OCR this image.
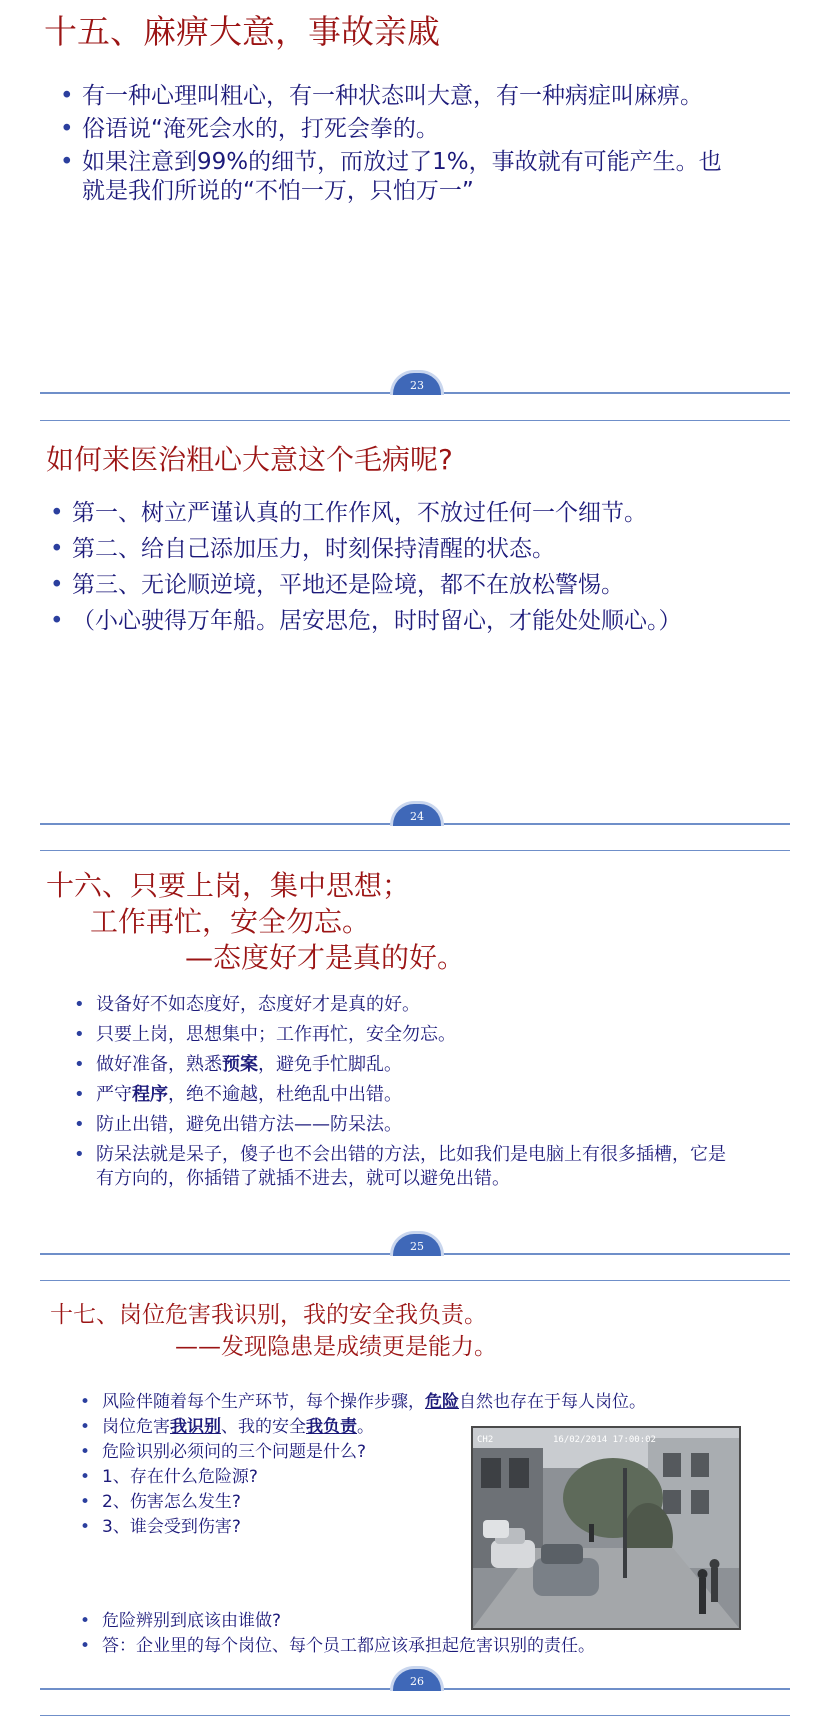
十五、麻痹大意，事故亲戚
• 有一种心理叫粗心，有一种状态叫大意，有一种病症叫麻痹。
• 俗语说“淹死会水的，打死会拳的。
• 如果注意到99%的细节，而放过了1%，事故就有可能产生。也就是我们所说的“不怕一万，只怕万一”
23
如何来医治粗心大意这个毛病呢?
• 第一、树立严谨认真的工作作风，不放过任何一个细节。
• 第二、给自己添加压力，时刻保持清醒的状态。
• 第三、无论顺逆境，平地还是险境，都不在放松警惕。
• （小心驶得万年船。居安思危，时时留心，才能处处顺心。）
24
十六、只要上岗，集中思想；
工作再忙，安全勿忘。
—态度好才是真的好。
• 设备好不如态度好，态度好才是真的好。
• 只要上岗，思想集中；工作再忙，安全勿忘。
• 做好准备，熟悉预案，避免手忙脚乱。
• 严守程序，绝不逾越，杜绝乱中出错。
• 防止出错，避免出错方法——防呆法。
• 防呆法就是呆子，傻子也不会出错的方法，比如我们是电脑上有很多插槽，它是有方向的，你插错了就插不进去，就可以避免出错。
25
十七、岗位危害我识别，我的安全我负责。
——发现隐患是成绩更是能力。
• 风险伴随着每个生产环节，每个操作步骤，危险自然也存在于每人岗位。
• 岗位危害我识别、我的安全我负责。
• 危险识别必须问的三个问题是什么?
• 1、存在什么危险源?
• 2、伤害怎么发生?
• 3、谁会受到伤害?
CH2	16/02/2014 17:00:02
• 危险辨别到底该由谁做?
• 答：企业里的每个岗位、每个员工都应该承担起危害识别的责任。
26
